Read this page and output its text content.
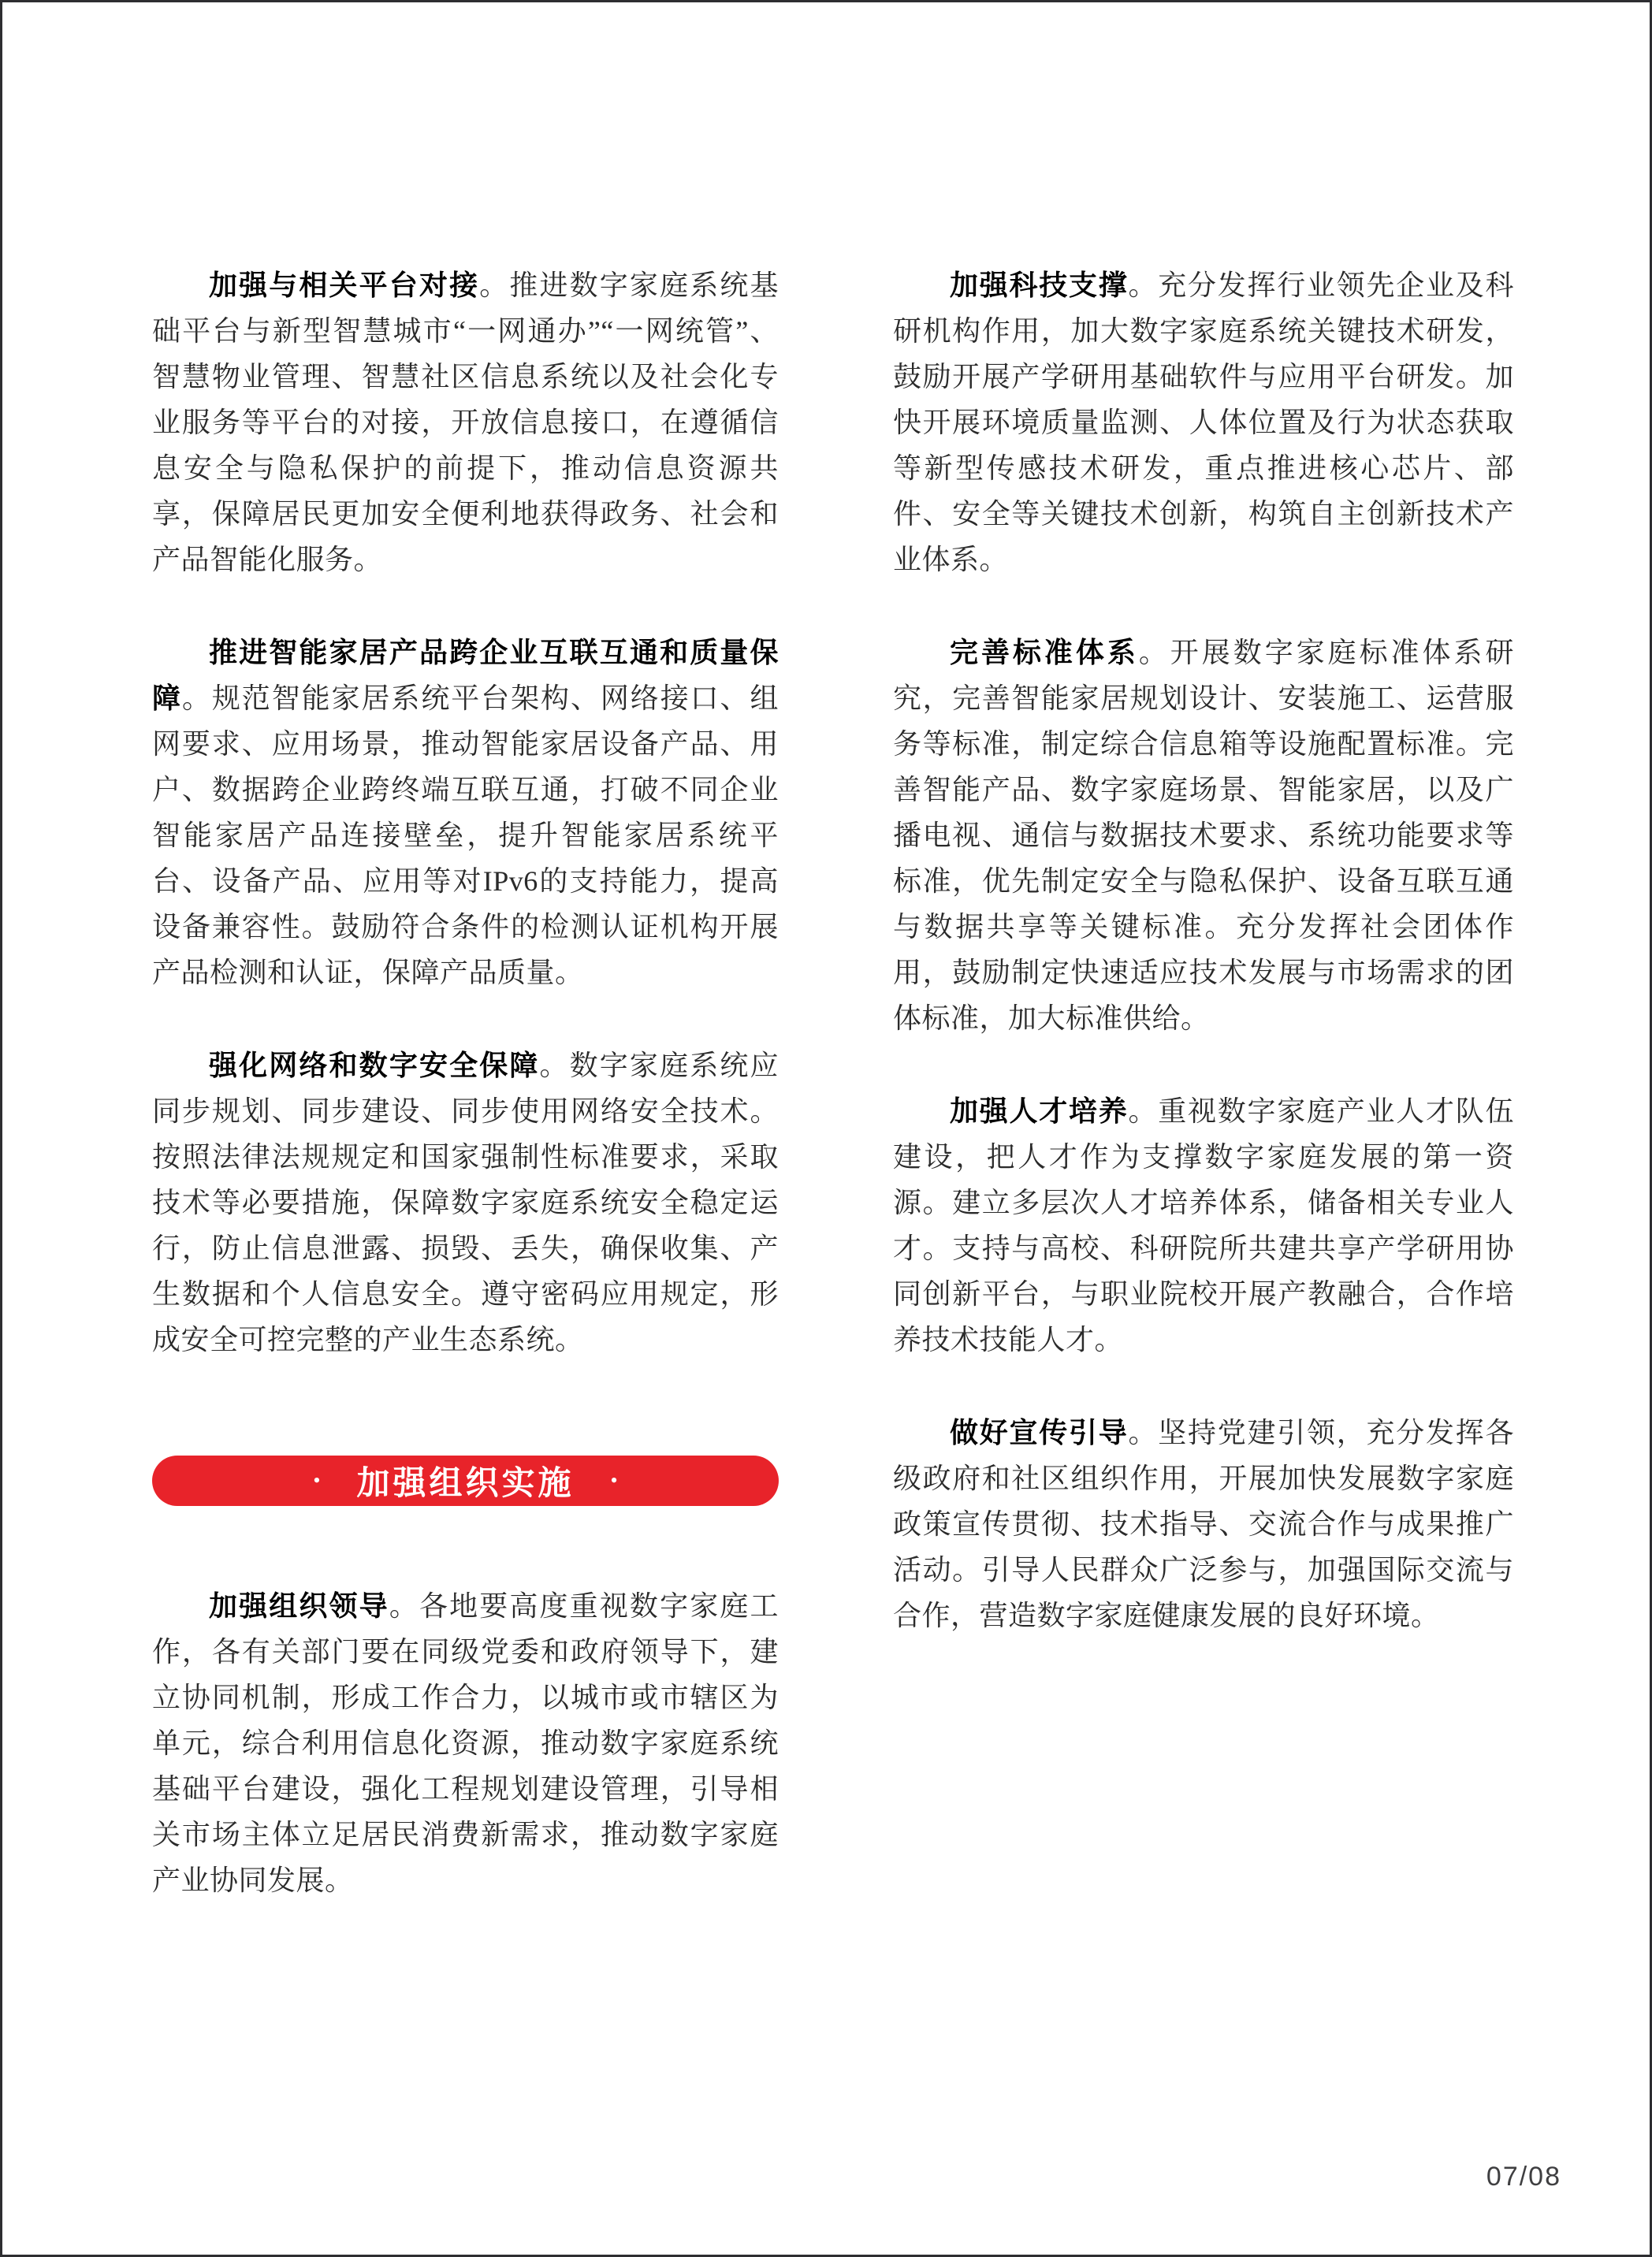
加强与相关平台对接。推进数字家庭系统基础平台与新型智慧城市“一网通办”“一网统管”、智慧物业管理、智慧社区信息系统以及社会化专业服务等平台的对接，开放信息接口，在遵循信息安全与隐私保护的前提下，推动信息资源共享，保障居民更加安全便利地获得政务、社会和产品智能化服务。

推进智能家居产品跨企业互联互通和质量保障。规范智能家居系统平台架构、网络接口、组网要求、应用场景，推动智能家居设备产品、用户、数据跨企业跨终端互联互通，打破不同企业智能家居产品连接壁垒，提升智能家居系统平台、设备产品、应用等对IPv6的支持能力，提高设备兼容性。鼓励符合条件的检测认证机构开展产品检测和认证，保障产品质量。

强化网络和数字安全保障。数字家庭系统应同步规划、同步建设、同步使用网络安全技术。按照法律法规规定和国家强制性标准要求，采取技术等必要措施，保障数字家庭系统安全稳定运行，防止信息泄露、损毁、丢失，确保收集、产生数据和个人信息安全。遵守密码应用规定，形成安全可控完整的产业生态系统。

• 加强组织实施 •

加强组织领导。各地要高度重视数字家庭工作，各有关部门要在同级党委和政府领导下，建立协同机制，形成工作合力，以城市或市辖区为单元，综合利用信息化资源，推动数字家庭系统基础平台建设，强化工程规划建设管理，引导相关市场主体立足居民消费新需求，推动数字家庭产业协同发展。

加强科技支撑。充分发挥行业领先企业及科研机构作用，加大数字家庭系统关键技术研发，鼓励开展产学研用基础软件与应用平台研发。加快开展环境质量监测、人体位置及行为状态获取等新型传感技术研发，重点推进核心芯片、部件、安全等关键技术创新，构筑自主创新技术产业体系。

完善标准体系。开展数字家庭标准体系研究，完善智能家居规划设计、安装施工、运营服务等标准，制定综合信息箱等设施配置标准。完善智能产品、数字家庭场景、智能家居，以及广播电视、通信与数据技术要求、系统功能要求等标准，优先制定安全与隐私保护、设备互联互通与数据共享等关键标准。充分发挥社会团体作用，鼓励制定快速适应技术发展与市场需求的团体标准，加大标准供给。

加强人才培养。重视数字家庭产业人才队伍建设，把人才作为支撑数字家庭发展的第一资源。建立多层次人才培养体系，储备相关专业人才。支持与高校、科研院所共建共享产学研用协同创新平台，与职业院校开展产教融合，合作培养技术技能人才。

做好宣传引导。坚持党建引领，充分发挥各级政府和社区组织作用，开展加快发展数字家庭政策宣传贯彻、技术指导、交流合作与成果推广活动。引导人民群众广泛参与，加强国际交流与合作，营造数字家庭健康发展的良好环境。

07/08
